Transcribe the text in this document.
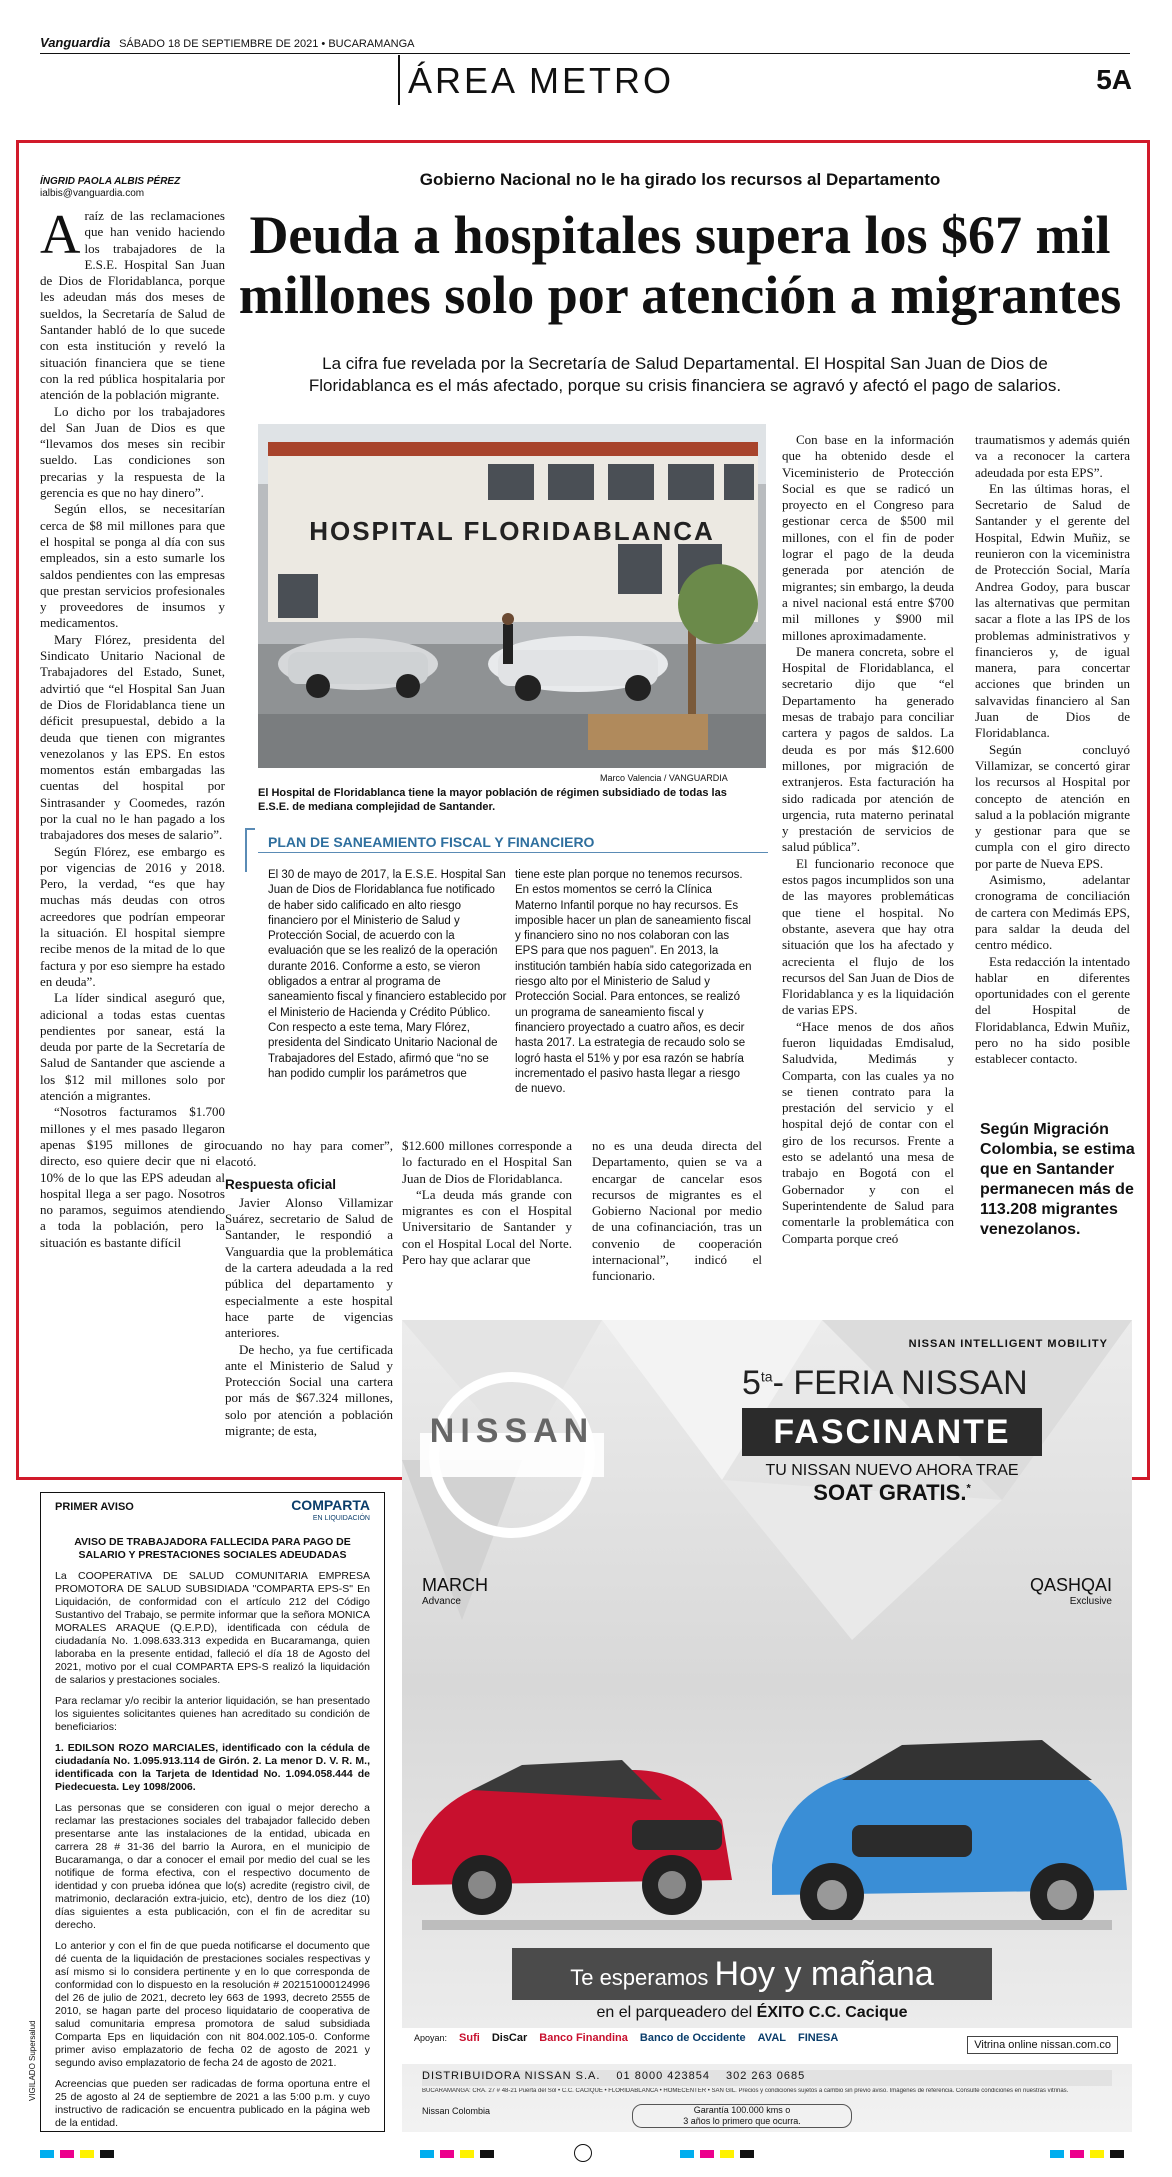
Vanguardia SÁBADO 18 DE SEPTIEMBRE DE 2021 • BUCARAMANGA
ÁREA METRO	5A
ÍNGRID PAOLA ALBIS PÉREZ
ialbis@vanguardia.com
Gobierno Nacional no le ha girado los recursos al Departamento
Deuda a hospitales supera los $67 mil millones solo por atención a migrantes
La cifra fue revelada por la Secretaría de Salud Departamental. El Hospital San Juan de Dios de Floridablanca es el más afectado, porque su crisis financiera se agravó y afectó el pago de salarios.

Araíz de las reclamaciones que han venido haciendo los trabajadores de la E.S.E. Hospital San Juan de Dios de Floridablanca, porque les adeudan más dos meses de sueldos, la Secretaría de Salud de Santander habló de lo que sucede con esta institución y reveló la situación financiera que se tiene con la red pública hospitalaria por atención de la población migrante.

Lo dicho por los trabajadores del San Juan de Dios es que “llevamos dos meses sin recibir sueldo. Las condiciones son precarias y la respuesta de la gerencia es que no hay dinero”.

Según ellos, se necesitarían cerca de $8 mil millones para que el hospital se ponga al día con sus empleados, sin a esto sumarle los saldos pendientes con las empresas que prestan servicios profesionales y proveedores de insumos y medicamentos.

Mary Flórez, presidenta del Sindicato Unitario Nacional de Trabajadores del Estado, Sunet, advirtió que “el Hospital San Juan de Dios de Floridablanca tiene un déficit presupuestal, debido a la deuda que tienen con migrantes venezolanos y las EPS. En estos momentos están embargadas las cuentas del hospital por Sintrasander y Coomedes, razón por la cual no le han pagado a los trabajadores dos meses de salario”.

Según Flórez, ese embargo es por vigencias de 2016 y 2018. Pero, la verdad, “es que hay muchas más deudas con otros acreedores que podrían empeorar la situación. El hospital siempre recibe menos de la mitad de lo que factura y por eso siempre ha estado en deuda”.

La líder sindical aseguró que, adicional a todas estas cuentas pendientes por sanear, está la deuda por parte de la Secretaría de Salud de Santander que asciende a los $12 mil millones solo por atención a migrantes.

“Nosotros facturamos $1.700 millones y el mes pasado llegaron apenas $195 millones de giro directo, eso quiere decir que ni el 10% de lo que las EPS adeudan al hospital llega a ser pago. Nosotros no paramos, seguimos atendiendo a toda la población, pero la situación es bastante difícil

HOSPITAL FLORIDABLANCA
Marco Valencia / VANGUARDIA
El Hospital de Floridablanca tiene la mayor población de régimen subsidiado de todas las E.S.E. de mediana complejidad de Santander.
PLAN DE SANEAMIENTO FISCAL Y FINANCIERO
El 30 de mayo de 2017, la E.S.E. Hospital San Juan de Dios de Floridablanca fue notificado de haber sido calificado en alto riesgo financiero por el Ministerio de Salud y Protección Social, de acuerdo con la evaluación que se les realizó de la operación durante 2016. Conforme a esto, se vieron obligados a entrar al programa de saneamiento fiscal y financiero establecido por el Ministerio de Hacienda y Crédito Público. Con respecto a este tema, Mary Flórez, presidenta del Sindicato Unitario Nacional de Trabajadores del Estado, afirmó que “no se han podido cumplir los parámetros que
tiene este plan porque no tenemos recursos. En estos momentos se cerró la Clínica Materno Infantil porque no hay recursos. Es imposible hacer un plan de saneamiento fiscal y financiero sino no nos colaboran con las EPS para que nos paguen”. En 2013, la institución también había sido categorizada en riesgo alto por el Ministerio de Salud y Protección Social. Para entonces, se realizó un programa de saneamiento fiscal y financiero proyectado a cuatro años, es decir hasta 2017. La estrategia de recaudo solo se logró hasta el 51% y por esa razón se habría incrementado el pasivo hasta llegar a riesgo de nuevo.

cuando no hay para comer”, acotó.

Respuesta oficial

Javier Alonso Villamizar Suárez, secretario de Salud de Santander, le respondió a Vanguardia que la problemática de la cartera adeudada a la red pública del departamento y especialmente a este hospital hace parte de vigencias anteriores.

De hecho, ya fue certificada ante el Ministerio de Salud y Protección Social una cartera por más de $67.324 millones, solo por atención a población migrante; de esta,

$12.600 millones corresponde a lo facturado en el Hospital San Juan de Dios de Floridablanca.

“La deuda más grande con migrantes es con el Hospital Universitario de Santander y con el Hospital Local del Norte. Pero hay que aclarar que

no es una deuda directa del Departamento, quien se va a encargar de cancelar esos recursos de migrantes es el Gobierno Nacional por medio de una cofinanciación, tras un convenio de cooperación internacional”, indicó el funcionario.

Con base en la información que ha obtenido desde el Viceministerio de Protección Social es que se radicó un proyecto en el Congreso para gestionar cerca de $500 mil millones, con el fin de poder lograr el pago de la deuda generada por atención de migrantes; sin embargo, la deuda a nivel nacional está entre $700 mil millones y $900 mil millones aproximadamente.

De manera concreta, sobre el Hospital de Floridablanca, el secretario dijo que “el Departamento ha generado mesas de trabajo para conciliar cartera y pagos de saldos. La deuda es por más $12.600 millones, por migración de extranjeros. Esta facturación ha sido radicada por atención de urgencia, ruta materno perinatal y prestación de servicios de salud pública”.

El funcionario reconoce que estos pagos incumplidos son una de las mayores problemáticas que tiene el hospital. No obstante, asevera que hay otra situación que los ha afectado y acrecienta el flujo de los recursos del San Juan de Dios de Floridablanca y es la liquidación de varias EPS.

“Hace menos de dos años fueron liquidadas Emdisalud, Saludvida, Medimás y Comparta, con las cuales ya no se tienen contrato para la prestación del servicio y el hospital dejó de contar con el giro de los recursos. Frente a esto se adelantó una mesa de trabajo en Bogotá con el Gobernador y con el Superintendente de Salud para comentarle la problemática con Comparta porque creó

traumatismos y además quién va a reconocer la cartera adeudada por esta EPS”.

En las últimas horas, el Secretario de Salud de Santander y el gerente del Hospital, Edwin Muñiz, se reunieron con la viceministra de Protección Social, María Andrea Godoy, para buscar las alternativas que permitan sacar a flote a las IPS de los problemas administrativos y financieros y, de igual manera, para concertar acciones que brinden un salvavidas financiero al San Juan de Dios de Floridablanca.

Según concluyó Villamizar, se concertó girar los recursos al Hospital por concepto de atención en salud a la población migrante y gestionar para que se cumpla con el giro directo por parte de Nueva EPS.

Asimismo, adelantar cronograma de conciliación de cartera con Medimás EPS, para saldar la deuda del centro médico.

Esta redacción la intentado hablar en diferentes oportunidades con el gerente del Hospital de Floridablanca, Edwin Muñiz, pero no ha sido posible establecer contacto.

Según Migración Colombia, se estima que en Santander permanecen más de 113.208 migrantes venezolanos.
PRIMER AVISO	COMPARTA
EN LIQUIDACIÓN
AVISO DE TRABAJADORA FALLECIDA PARA PAGO DE SALARIO Y PRESTACIONES SOCIALES ADEUDADAS

La COOPERATIVA DE SALUD COMUNITARIA EMPRESA PROMOTORA DE SALUD SUBSIDIADA "COMPARTA EPS-S" En Liquidación, de conformidad con el artículo 212 del Código Sustantivo del Trabajo, se permite informar que la señora MONICA MORALES ARAQUE (Q.E.P.D), identificada con cédula de ciudadanía No. 1.098.633.313 expedida en Bucaramanga, quien laboraba en la presente entidad, falleció el día 18 de Agosto del 2021, motivo por el cual COMPARTA EPS-S realizó la liquidación de salarios y prestaciones sociales.

Para reclamar y/o recibir la anterior liquidación, se han presentado los siguientes solicitantes quienes han acreditado su condición de beneficiarios:

1. EDILSON ROZO MARCIALES, identificado con la cédula de ciudadanía No. 1.095.913.114 de Girón. 2. La menor D. V. R. M., identificada con la Tarjeta de Identidad No. 1.094.058.444 de Piedecuesta. Ley 1098/2006.

Las personas que se consideren con igual o mejor derecho a reclamar las prestaciones sociales del trabajador fallecido deben presentarse ante las instalaciones de la entidad, ubicada en carrera 28 # 31-36 del barrio la Aurora, en el municipio de Bucaramanga, o dar a conocer el email por medio del cual se les notifique de forma efectiva, con el respectivo documento de identidad y con prueba idónea que lo(s) acredite (registro civil, de matrimonio, declaración extra-juicio, etc), dentro de los diez (10) días siguientes a esta publicación, con el fin de acreditar su derecho.

Lo anterior y con el fin de que pueda notificarse el documento que dé cuenta de la liquidación de prestaciones sociales respectivas y así mismo si lo considera pertinente y en lo que corresponda de conformidad con lo dispuesto en la resolución # 202151000124996 del 26 de julio de 2021, decreto ley 663 de 1993, decreto 2555 de 2010, se hagan parte del proceso liquidatario de cooperativa de salud comunitaria empresa promotora de salud subsidiada Comparta Eps en liquidación con nit 804.002.105-0. Conforme primer aviso emplazatorio de fecha 02 de agosto de 2021 y segundo aviso emplazatorio de fecha 24 de agosto de 2021.

Acreencias que pueden ser radicadas de forma oportuna entre el 25 de agosto al 24 de septiembre de 2021 a las 5:00 p.m. y cuyo instructivo de radicación se encuentra publicado en la página web de la entidad.

VIGILADO Supersalud
NISSAN
NISSAN INTELLIGENT MOBILITY
$5^{ta}-$ FERIA NISSAN
FASCINANTE
TU NISSAN NUEVO AHORA TRAE
SOAT GRATIS.*
MARCH
Advance
QASHQAI
Exclusive
Te esperamos Hoy y mañana
en el parqueadero del ÉXITO C.C. Cacique
Apoyan: Sufi DisCar Banco Finandina Banco de Occidente AVAL FINESA
Vitrina online nissan.com.co
DISTRIBUIDORA NISSAN S.A. 01 8000 423854 302 263 0685
BUCARAMANGA: CRA. 27 # 48-21 Puerta del Sol • C.C. CACIQUE • FLORIDABLANCA • HOMECENTER • SAN GIL. Precios y condiciones sujetos a cambio sin previo aviso. Imágenes de referencia. Consulte condiciones en nuestras vitrinas.
Nissan Colombia	Garantía 100.000 kms o
3 años lo primero que ocurra.
